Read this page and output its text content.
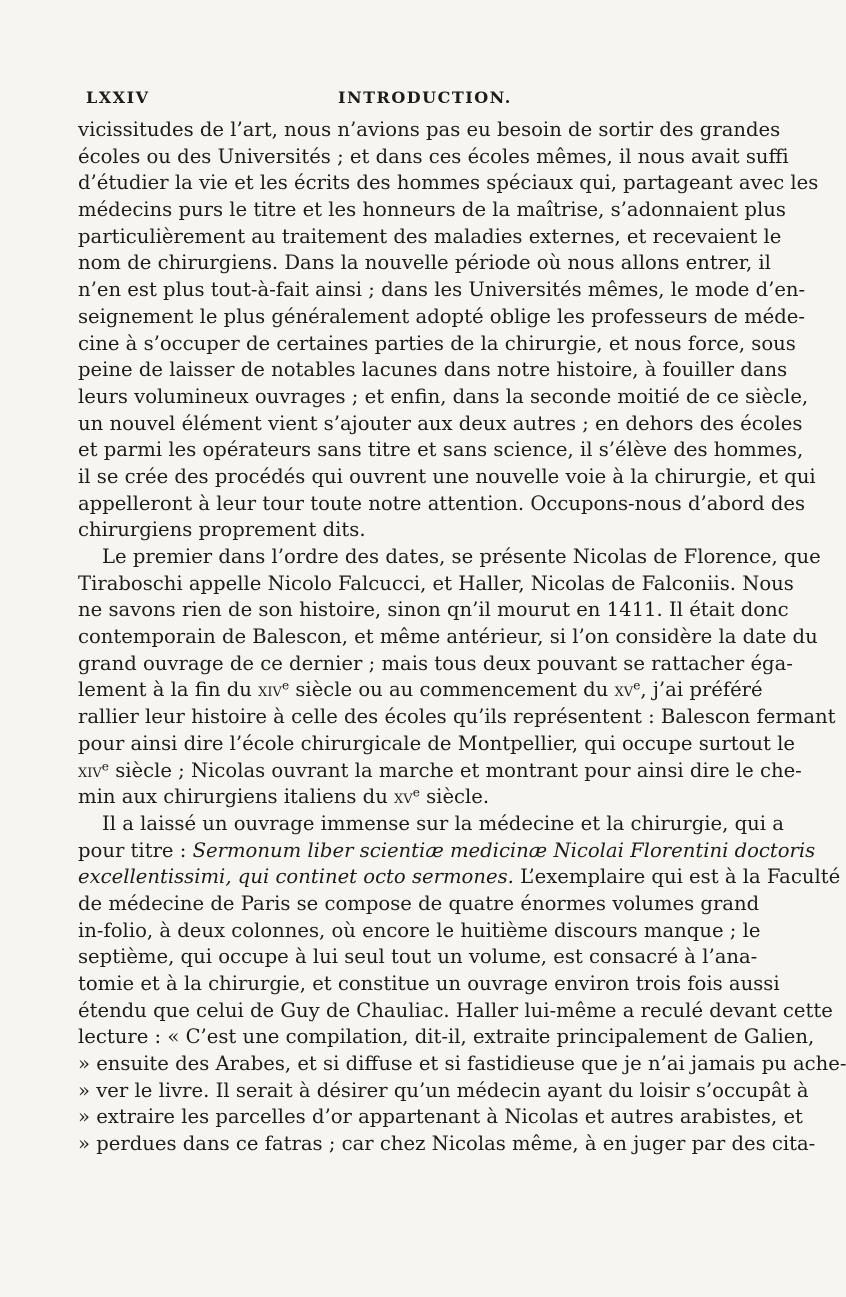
LXXIV	INTRODUCTION.
vicissitudes de l’art, nous n’avions pas eu besoin de sortir des grandes
écoles ou des Universités ; et dans ces écoles mêmes, il nous avait suffi
d’étudier la vie et les écrits des hommes spéciaux qui, partageant avec les
médecins purs le titre et les honneurs de la maîtrise, s’adonnaient plus
particulièrement au traitement des maladies externes, et recevaient le
nom de chirurgiens. Dans la nouvelle période où nous allons entrer, il
n’en est plus tout-à-fait ainsi ; dans les Universités mêmes, le mode d’en-
seignement le plus généralement adopté oblige les professeurs de méde-
cine à s’occuper de certaines parties de la chirurgie, et nous force, sous
peine de laisser de notables lacunes dans notre histoire, à fouiller dans
leurs volumineux ouvrages ; et enfin, dans la seconde moitié de ce siècle,
un nouvel élément vient s’ajouter aux deux autres ; en dehors des écoles
et parmi les opérateurs sans titre et sans science, il s’élève des hommes,
il se crée des procédés qui ouvrent une nouvelle voie à la chirurgie, et qui
appelleront à leur tour toute notre attention. Occupons-nous d’abord des
chirurgiens proprement dits.
Le premier dans l’ordre des dates, se présente Nicolas de Florence, que
Tiraboschi appelle Nicolo Falcucci, et Haller, Nicolas de Falconiis. Nous
ne savons rien de son histoire, sinon qn’il mourut en 1411. Il était donc
contemporain de Balescon, et même antérieur, si l’on considère la date du
grand ouvrage de ce dernier ; mais tous deux pouvant se rattacher éga-
lement à la fin du xiv$^e$ siècle ou au commencement du $xv^e$, j’ai préféré
rallier leur histoire à celle des écoles qu’ils représentent : Balescon fermant
pour ainsi dire l’école chirurgicale de Montpellier, qui occupe surtout le
xiv$^e$ siècle ; Nicolas ouvrant la marche et montrant pour ainsi dire le che-
min aux chirurgiens italiens du $xv^e$ siècle.
Il a laissé un ouvrage immense sur la médecine et la chirurgie, qui a
pour titre : Sermonum liber scientiæ medicinæ Nicolai Florentini doctoris
excellentissimi, qui continet octo sermones. L’exemplaire qui est à la Faculté
de médecine de Paris se compose de quatre énormes volumes grand
in-folio, à deux colonnes, où encore le huitième discours manque ; le
septième, qui occupe à lui seul tout un volume, est consacré à l’ana-
tomie et à la chirurgie, et constitue un ouvrage environ trois fois aussi
étendu que celui de Guy de Chauliac. Haller lui-même a reculé devant cette
lecture : « C’est une compilation, dit-il, extraite principalement de Galien,
» ensuite des Arabes, et si diffuse et si fastidieuse que je n’ai jamais pu ache-
» ver le livre. Il serait à désirer qu’un médecin ayant du loisir s’occupât à
» extraire les parcelles d’or appartenant à Nicolas et autres arabistes, et
» perdues dans ce fatras ; car chez Nicolas même, à en juger par des cita-
